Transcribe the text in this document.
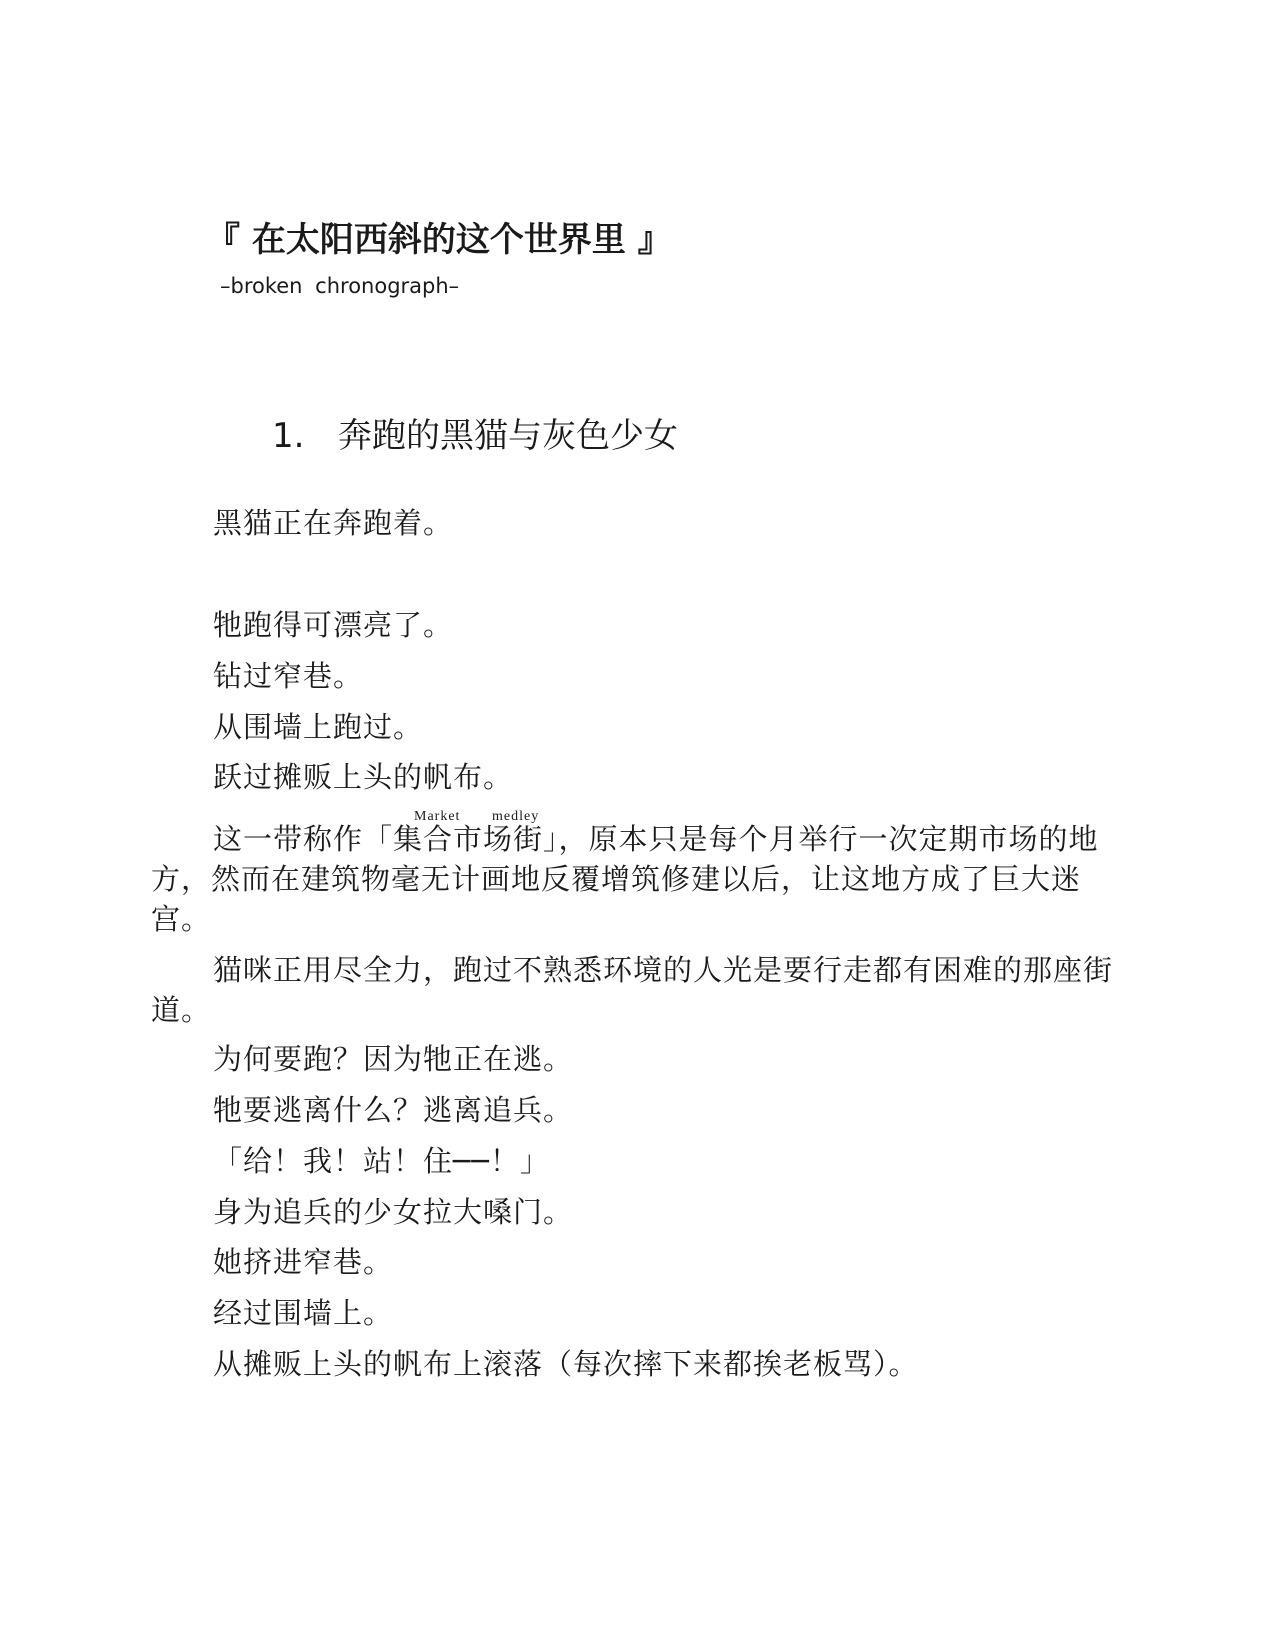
『 在太阳西斜的这个世界里 』
–broken chronograph–
1. 奔跑的黑猫与灰色少女

黑猫正在奔跑着。

牠跑得可漂亮了。

钻过窄巷。

从围墙上跑过。

跃过摊贩上头的帆布。

Market medley

这一带称作「集合市场街」，原本只是每个月举行一次定期市场的地方，然而在建筑物毫无计画地反覆增筑修建以后，让这地方成了巨大迷宫。

猫咪正用尽全力，跑过不熟悉环境的人光是要行走都有困难的那座街道。

为何要跑？因为牠正在逃。

牠要逃离什么？逃离追兵。

「给！我！站！住──！」

身为追兵的少女拉大嗓门。

她挤进窄巷。

经过围墙上。

从摊贩上头的帆布上滚落（每次摔下来都挨老板骂）。
